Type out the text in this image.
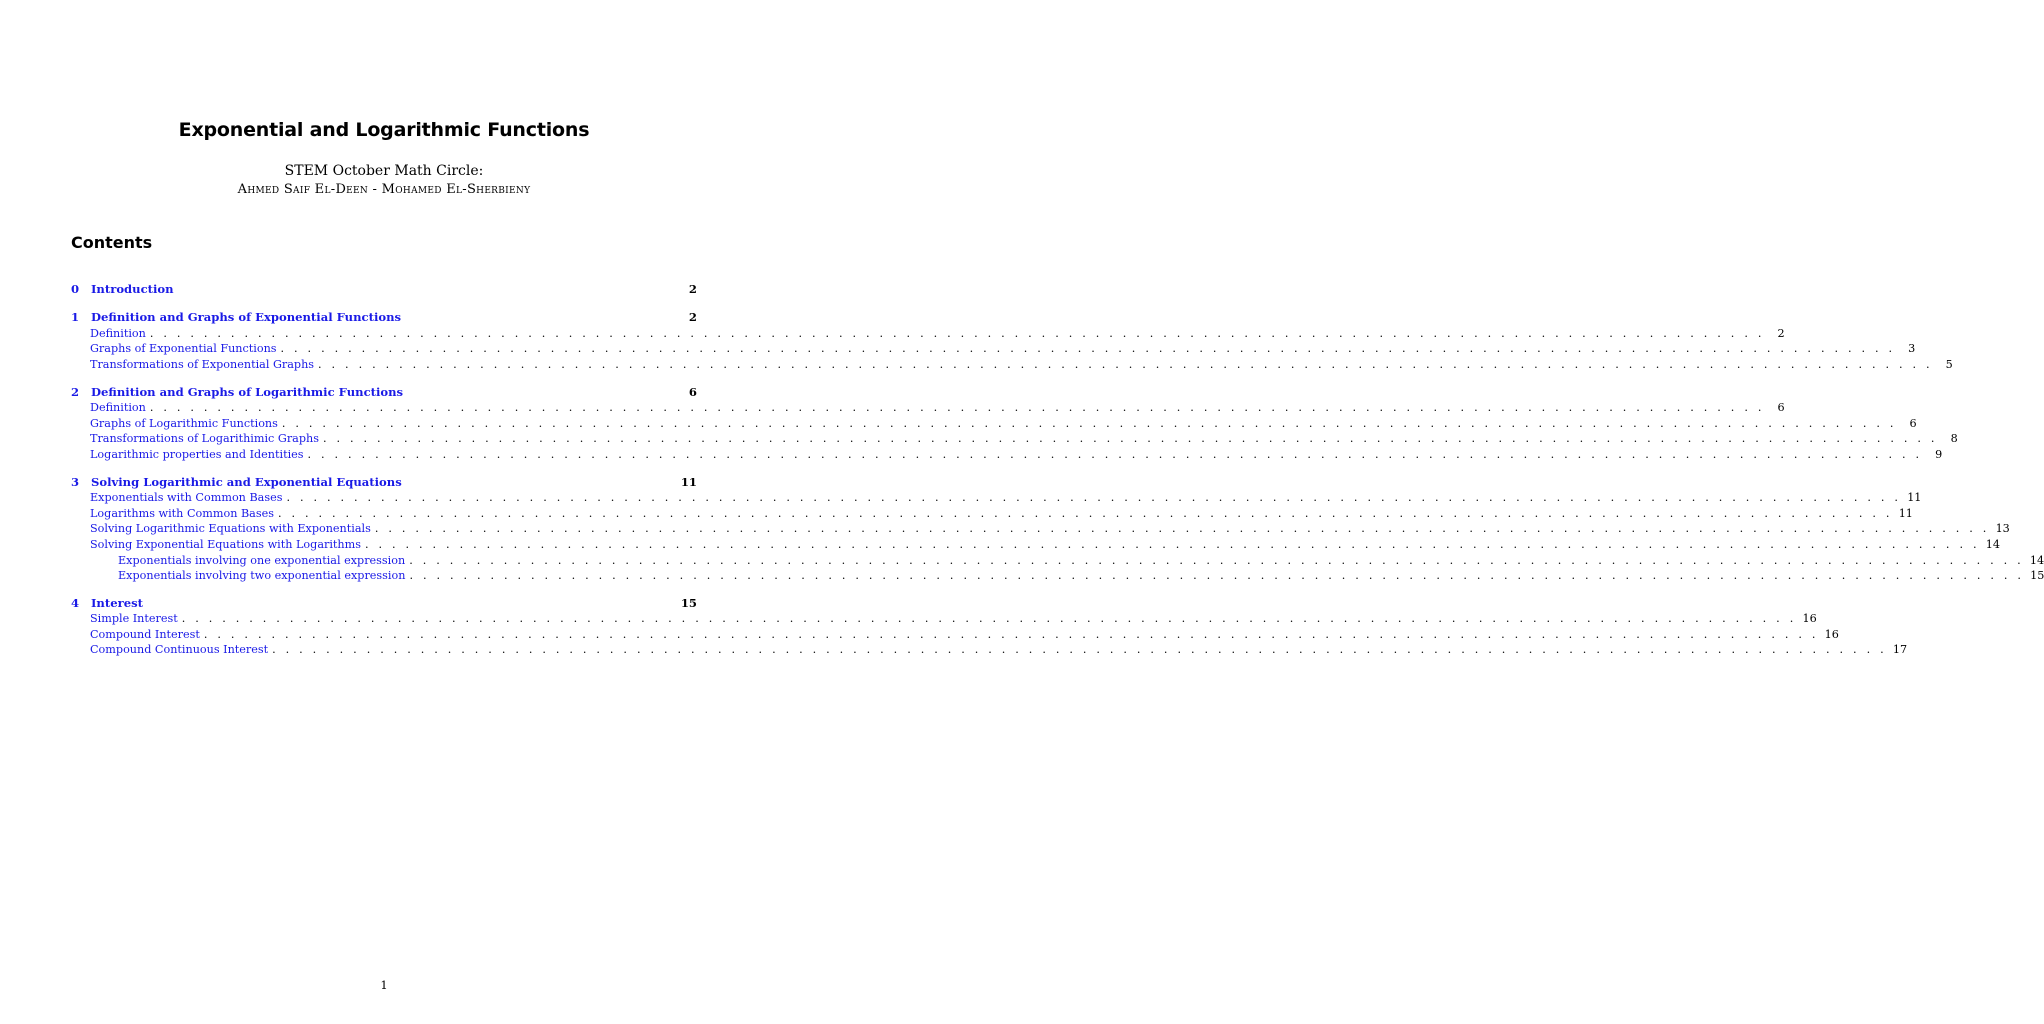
Exponential and Logarithmic Functions
STEM October Math Circle:
Ahmed Saif El-Deen - Mohamed El-Sherbieny
Contents
0	Introduction	2
1	Definition and Graphs of Exponential Functions	2
Definition . . . . . . . . . . . . . . . . . . . . . . . . . . . . . . . . . . . . . . . . . . . . . . . . . . . . . . . . . . . . . . . . . . . . . . . . . . . . . . . . . . . . . . . . . . . . . . . . . . . . . . . . . . . . . . . . . . . . . . . .	2
Graphs of Exponential Functions . . . . . . . . . . . . . . . . . . . . . . . . . . . . . . . . . . . . . . . . . . . . . . . . . . . . . . . . . . . . . . . . . . . . . . . . . . . . . . . . . . . . . . . . . . . . . . . . . . . . . . . . . . . . . . . . . . . . . . . .	3
Transformations of Exponential Graphs . . . . . . . . . . . . . . . . . . . . . . . . . . . . . . . . . . . . . . . . . . . . . . . . . . . . . . . . . . . . . . . . . . . . . . . . . . . . . . . . . . . . . . . . . . . . . . . . . . . . . . . . . . . . . . . . . . . . . . . .	5
2	Definition and Graphs of Logarithmic Functions	6
Definition . . . . . . . . . . . . . . . . . . . . . . . . . . . . . . . . . . . . . . . . . . . . . . . . . . . . . . . . . . . . . . . . . . . . . . . . . . . . . . . . . . . . . . . . . . . . . . . . . . . . . . . . . . . . . . . . . . . . . . . .	6
Graphs of Logarithmic Functions . . . . . . . . . . . . . . . . . . . . . . . . . . . . . . . . . . . . . . . . . . . . . . . . . . . . . . . . . . . . . . . . . . . . . . . . . . . . . . . . . . . . . . . . . . . . . . . . . . . . . . . . . . . . . . . . . . . . . . . .	6
Transformations of Logarithimic Graphs . . . . . . . . . . . . . . . . . . . . . . . . . . . . . . . . . . . . . . . . . . . . . . . . . . . . . . . . . . . . . . . . . . . . . . . . . . . . . . . . . . . . . . . . . . . . . . . . . . . . . . . . . . . . . . . . . . . . . . . .	8
Logarithmic properties and Identities . . . . . . . . . . . . . . . . . . . . . . . . . . . . . . . . . . . . . . . . . . . . . . . . . . . . . . . . . . . . . . . . . . . . . . . . . . . . . . . . . . . . . . . . . . . . . . . . . . . . . . . . . . . . . . . . . . . . . . . .	9
3	Solving Logarithmic and Exponential Equations	11
Exponentials with Common Bases . . . . . . . . . . . . . . . . . . . . . . . . . . . . . . . . . . . . . . . . . . . . . . . . . . . . . . . . . . . . . . . . . . . . . . . . . . . . . . . . . . . . . . . . . . . . . . . . . . . . . . . . . . . . . . . . . . . . . . . . 11
Logarithms with Common Bases . . . . . . . . . . . . . . . . . . . . . . . . . . . . . . . . . . . . . . . . . . . . . . . . . . . . . . . . . . . . . . . . . . . . . . . . . . . . . . . . . . . . . . . . . . . . . . . . . . . . . . . . . . . . . . . . . . . . . . . . 11
Solving Logarithmic Equations with Exponentials . . . . . . . . . . . . . . . . . . . . . . . . . . . . . . . . . . . . . . . . . . . . . . . . . . . . . . . . . . . . . . . . . . . . . . . . . . . . . . . . . . . . . . . . . . . . . . . . . . . . . . . . . . . . . . . . . . . . . . . . 13
Solving Exponential Equations with Logarithms . . . . . . . . . . . . . . . . . . . . . . . . . . . . . . . . . . . . . . . . . . . . . . . . . . . . . . . . . . . . . . . . . . . . . . . . . . . . . . . . . . . . . . . . . . . . . . . . . . . . . . . . . . . . . . . . . . . . . . . . 14
Exponentials involving one exponential expression . . . . . . . . . . . . . . . . . . . . . . . . . . . . . . . . . . . . . . . . . . . . . . . . . . . . . . . . . . . . . . . . . . . . . . . . . . . . . . . . . . . . . . . . . . . . . . . . . . . . . . . . . . . . . . . . . . . . . . . . 14
Exponentials involving two exponential expression . . . . . . . . . . . . . . . . . . . . . . . . . . . . . . . . . . . . . . . . . . . . . . . . . . . . . . . . . . . . . . . . . . . . . . . . . . . . . . . . . . . . . . . . . . . . . . . . . . . . . . . . . . . . . . . . . . . . . . . . 15
4	Interest	15
Simple Interest . . . . . . . . . . . . . . . . . . . . . . . . . . . . . . . . . . . . . . . . . . . . . . . . . . . . . . . . . . . . . . . . . . . . . . . . . . . . . . . . . . . . . . . . . . . . . . . . . . . . . . . . . . . . . . . . . . . . . . . . 16
Compound Interest . . . . . . . . . . . . . . . . . . . . . . . . . . . . . . . . . . . . . . . . . . . . . . . . . . . . . . . . . . . . . . . . . . . . . . . . . . . . . . . . . . . . . . . . . . . . . . . . . . . . . . . . . . . . . . . . . . . . . . . . 16
Compound Continuous Interest . . . . . . . . . . . . . . . . . . . . . . . . . . . . . . . . . . . . . . . . . . . . . . . . . . . . . . . . . . . . . . . . . . . . . . . . . . . . . . . . . . . . . . . . . . . . . . . . . . . . . . . . . . . . . . . . . . . . . . . . 17
1
